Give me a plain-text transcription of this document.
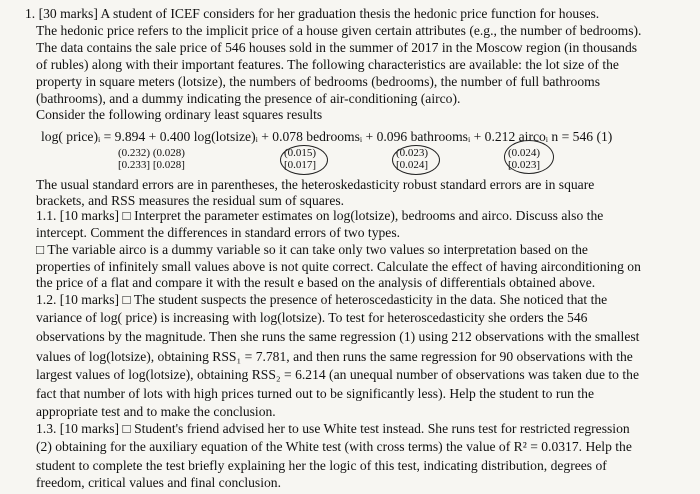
1. [30 marks] A student of ICEF considers for her graduation thesis the hedonic price function for houses.
The hedonic price refers to the implicit price of a house given certain attributes (e.g., the number of bedrooms).
The data contains the sale price of 546 houses sold in the summer of 2017 in the Moscow region (in thousands
of rubles) along with their important features. The following characteristics are available: the lot size of the
property in square meters (lotsize), the numbers of bedrooms (bedrooms), the number of full bathrooms
(bathrooms), and a dummy indicating the presence of air-conditioning (airco).
Consider the following ordinary least squares results
log( price)ᵢ = 9.894 + 0.400 log(lotsize)ᵢ + 0.078 bedroomsᵢ + 0.096 bathroomsᵢ + 0.212 aircoᵢ n = 546 (1)
(0.232) (0.028)
[0.233] [0.028]
(0.015)
[0.017]
(0.023)
[0.024]
(0.024)
[0.023]
The usual standard errors are in parentheses, the heteroskedasticity robust standard errors are in square
brackets, and RSS measures the residual sum of squares.
1.1. [10 marks] □ Interpret the parameter estimates on log(lotsize), bedrooms and airco. Discuss also the
intercept. Comment the differences in standard errors of two types.
□ The variable airco is a dummy variable so it can take only two values so interpretation based on the
properties of infinitely small values above is not quite correct. Calculate the effect of having airconditioning on
the price of a flat and compare it with the result e based on the analysis of differentials obtained above.
1.2. [10 marks] □ The student suspects the presence of heteroscedasticity in the data. She noticed that the
variance of log( price) is increasing with log(lotsize). To test for heteroscedasticity she orders the 546
observations by the magnitude. Then she runs the same regression (1) using 212 observations with the smallest
values of log(lotsize), obtaining RSS₁ = 7.781, and then runs the same regression for 90 observations with the
largest values of log(lotsize), obtaining RSS₂ = 6.214 (an unequal number of observations was taken due to the
fact that number of lots with high prices turned out to be significantly less). Help the student to run the
appropriate test and to make the conclusion.
1.3. [10 marks] □ Student's friend advised her to use White test instead. She runs test for restricted regression
(2) obtaining for the auxiliary equation of the White test (with cross terms) the value of R² = 0.0317. Help the
student to complete the test briefly explaining her the logic of this test, indicating distribution, degrees of
freedom, critical values and final conclusion.
